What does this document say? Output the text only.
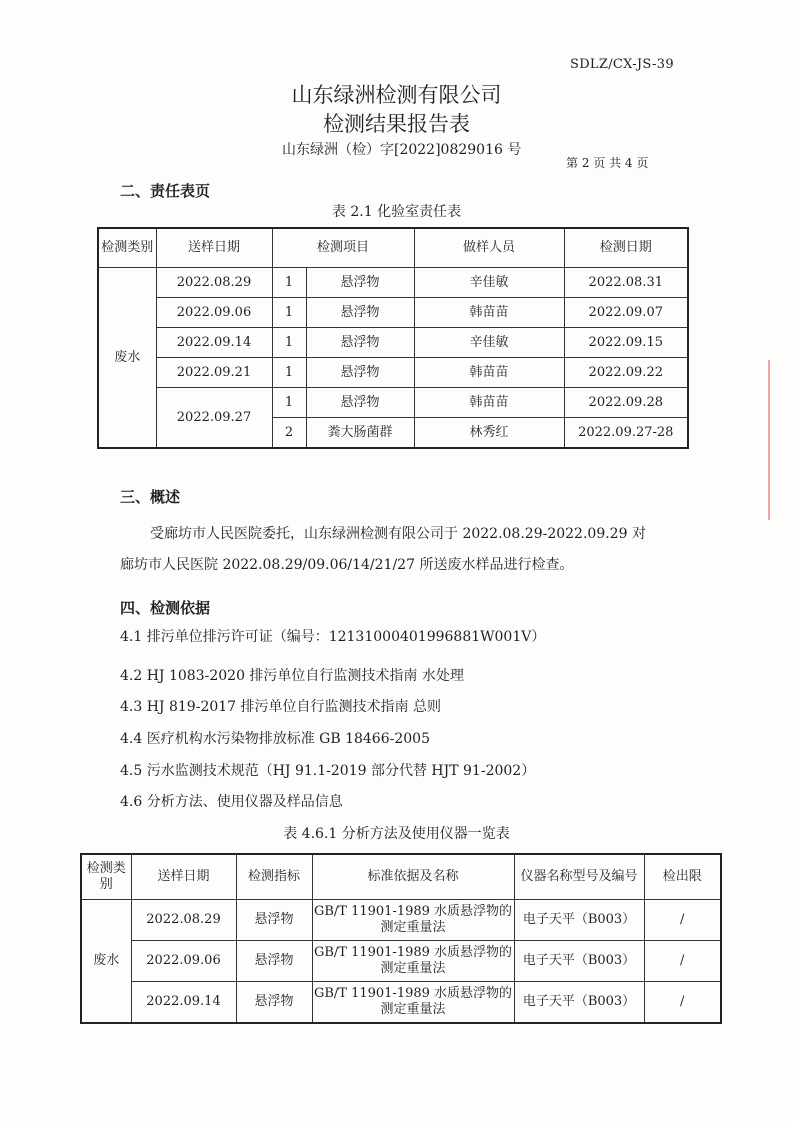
SDLZ/CX-JS-39
山东绿洲检测有限公司
检测结果报告表
山东绿洲（检）字[2022]0829016 号
第 2 页 共 4 页
二、责任表页
表 2.1 化验室责任表
检测类别	送样日期	检测项目		做样人员	检测日期
废水	2022.08.29	1	悬浮物	辛佳敏	2022.08.31
	2022.09.06	1	悬浮物	韩苗苗	2022.09.07
	2022.09.14	1	悬浮物	辛佳敏	2022.09.15
	2022.09.21	1	悬浮物	韩苗苗	2022.09.22
	2022.09.27	1	悬浮物	韩苗苗	2022.09.28
		2	粪大肠菌群	林秀红	2022.09.27-28
三、概述
受廊坊市人民医院委托，山东绿洲检测有限公司于 2022.08.29-2022.09.29 对
廊坊市人民医院 2022.08.29/09.06/14/21/27 所送废水样品进行检查。
四、检测依据
4.1 排污单位排污许可证（编号：12131000401996881W001V）
4.2 HJ 1083-2020 排污单位自行监测技术指南 水处理
4.3 HJ 819-2017 排污单位自行监测技术指南 总则
4.4 医疗机构水污染物排放标准 GB 18466-2005
4.5 污水监测技术规范（HJ 91.1-2019 部分代替 HJT 91-2002）
4.6 分析方法、使用仪器及样品信息
表 4.6.1 分析方法及使用仪器一览表
检测类别	送样日期	检测指标	标准依据及名称	仪器名称型号及编号	检出限
废水	2022.08.29	悬浮物	GB/T 11901-1989 水质悬浮物的测定重量法	电子天平（B003）	/
	2022.09.06	悬浮物	GB/T 11901-1989 水质悬浮物的测定重量法	电子天平（B003）	/
	2022.09.14	悬浮物	GB/T 11901-1989 水质悬浮物的测定重量法	电子天平（B003）	/
